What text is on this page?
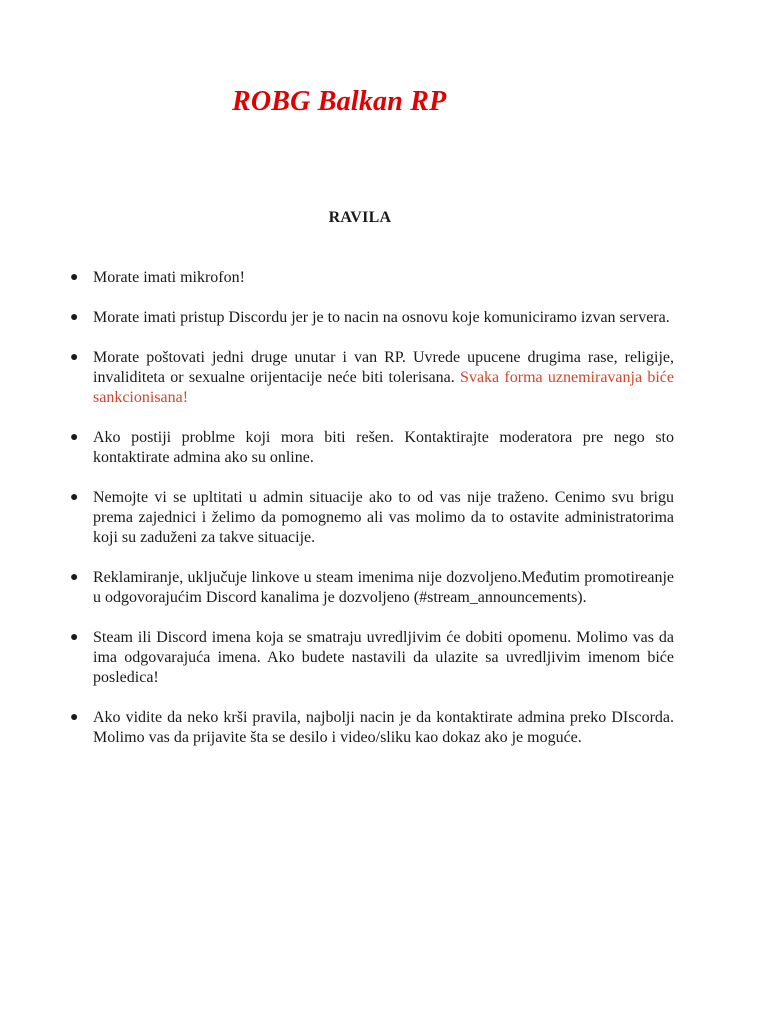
ROBG Balkan RP
RAVILA
● Morate imati mikrofon!
● Morate imati pristup Discordu jer je to nacin na osnovu koje komuniciramo izvan servera.
● Morate poštovati jedni druge unutar i van RP. Uvrede upucene drugima rase, religije, invaliditeta or sexualne orijentacije neće biti tolerisana. Svaka forma uznemiravanja biće sankcionisana!
● Ako postiji problme koji mora biti rešen. Kontaktirajte moderatora pre nego sto kontaktirate admina ako su online.
● Nemojte vi se upltitati u admin situacije ako to od vas nije traženo. Cenimo svu brigu prema zajednici i želimo da pomognemo ali vas molimo da to ostavite administratorima koji su zaduženi za takve situacije.
● Reklamiranje, uključuje linkove u steam imenima nije dozvoljeno.Međutim promotireanje u odgovorajućim Discord kanalima je dozvoljeno (#stream_announcements).
● Steam ili Discord imena koja se smatraju uvredljivim će dobiti opomenu. Molimo vas da ima odgovarajuća imena. Ako budete nastavili da ulazite sa uvredljivim imenom biće posledica!
● Ako vidite da neko krši pravila, najbolji nacin je da kontaktirate admina preko DIscorda. Molimo vas da prijavite šta se desilo i video/sliku kao dokaz ako je moguće.
